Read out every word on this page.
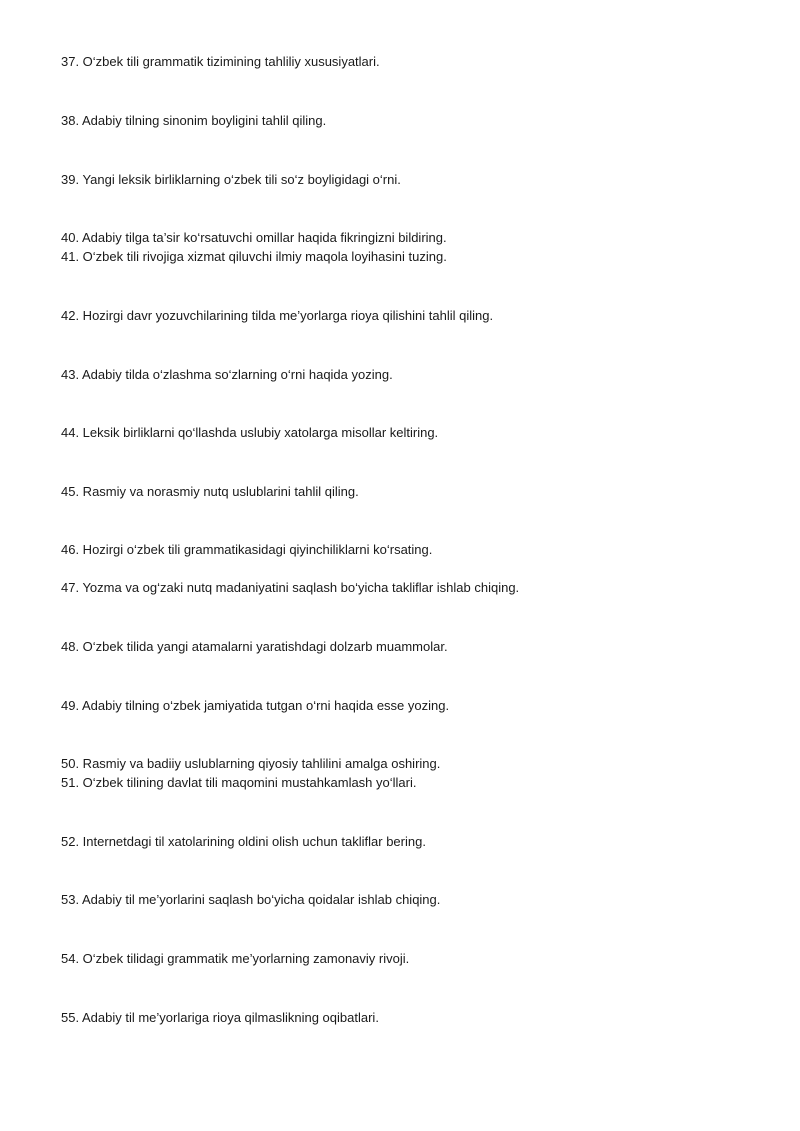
37. O‘zbek tili grammatik tizimining tahliliy xususiyatlari.
38. Adabiy tilning sinonim boyligini tahlil qiling.
39. Yangi leksik birliklarning o‘zbek tili so‘z boyligidagi o‘rni.
40. Adabiy tilga ta’sir ko‘rsatuvchi omillar haqida fikringizni bildiring.
41. O‘zbek tili rivojiga xizmat qiluvchi ilmiy maqola loyihasini tuzing.
42. Hozirgi davr yozuvchilarining tilda me’yorlarga rioya qilishini tahlil qiling.
43. Adabiy tilda o‘zlashma so‘zlarning o‘rni haqida yozing.
44. Leksik birliklarni qo‘llashda uslubiy xatolarga misollar keltiring.
45. Rasmiy va norasmiy nutq uslublarini tahlil qiling.
46. Hozirgi o‘zbek tili grammatikasidagi qiyinchiliklarni ko‘rsating.
47. Yozma va og‘zaki nutq madaniyatini saqlash bo‘yicha takliflar ishlab chiqing.
48. O‘zbek tilida yangi atamalarni yaratishdagi dolzarb muammolar.
49. Adabiy tilning o‘zbek jamiyatida tutgan o‘rni haqida esse yozing.
50. Rasmiy va badiiy uslublarning qiyosiy tahlilini amalga oshiring.
51. O‘zbek tilining davlat tili maqomini mustahkamlash yo‘llari.
52. Internetdagi til xatolarining oldini olish uchun takliflar bering.
53. Adabiy til me’yorlarini saqlash bo‘yicha qoidalar ishlab chiqing.
54. O‘zbek tilidagi grammatik me’yorlarning zamonaviy rivoji.
55. Adabiy til me’yorlariga rioya qilmaslikning oqibatlari.
